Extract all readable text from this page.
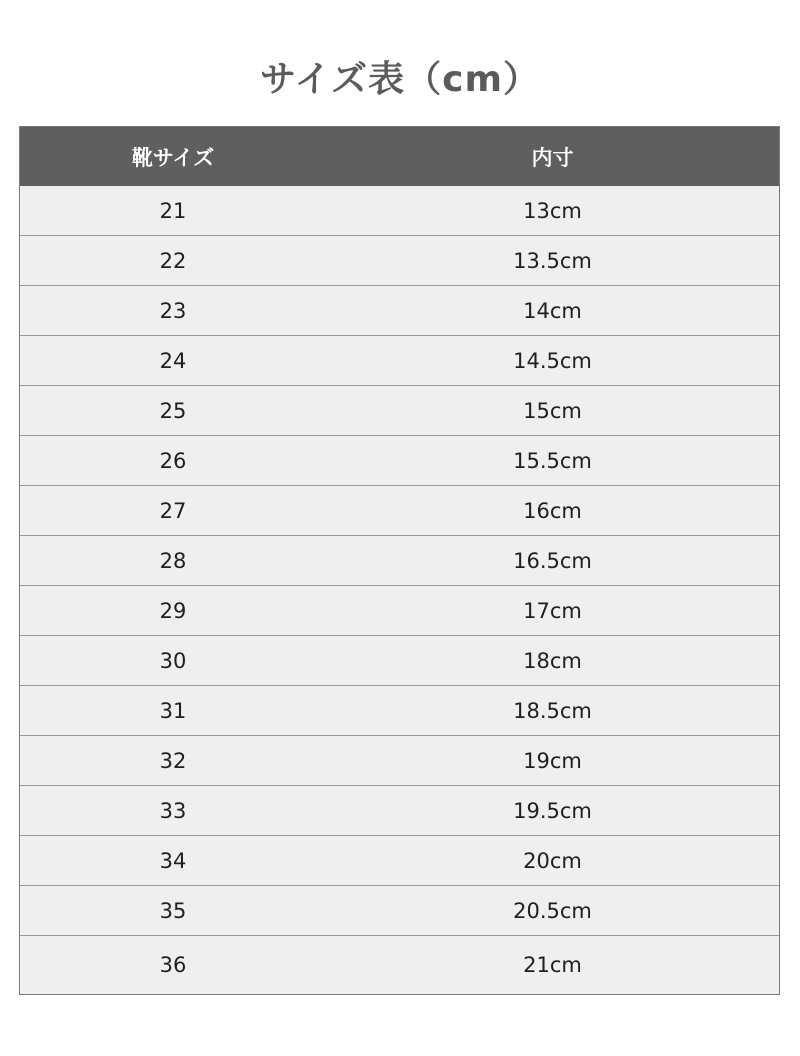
サイズ表（cm）
靴サイズ	内寸
21	13cm
22	13.5cm
23	14cm
24	14.5cm
25	15cm
26	15.5cm
27	16cm
28	16.5cm
29	17cm
30	18cm
31	18.5cm
32	19cm
33	19.5cm
34	20cm
35	20.5cm
36	21cm
